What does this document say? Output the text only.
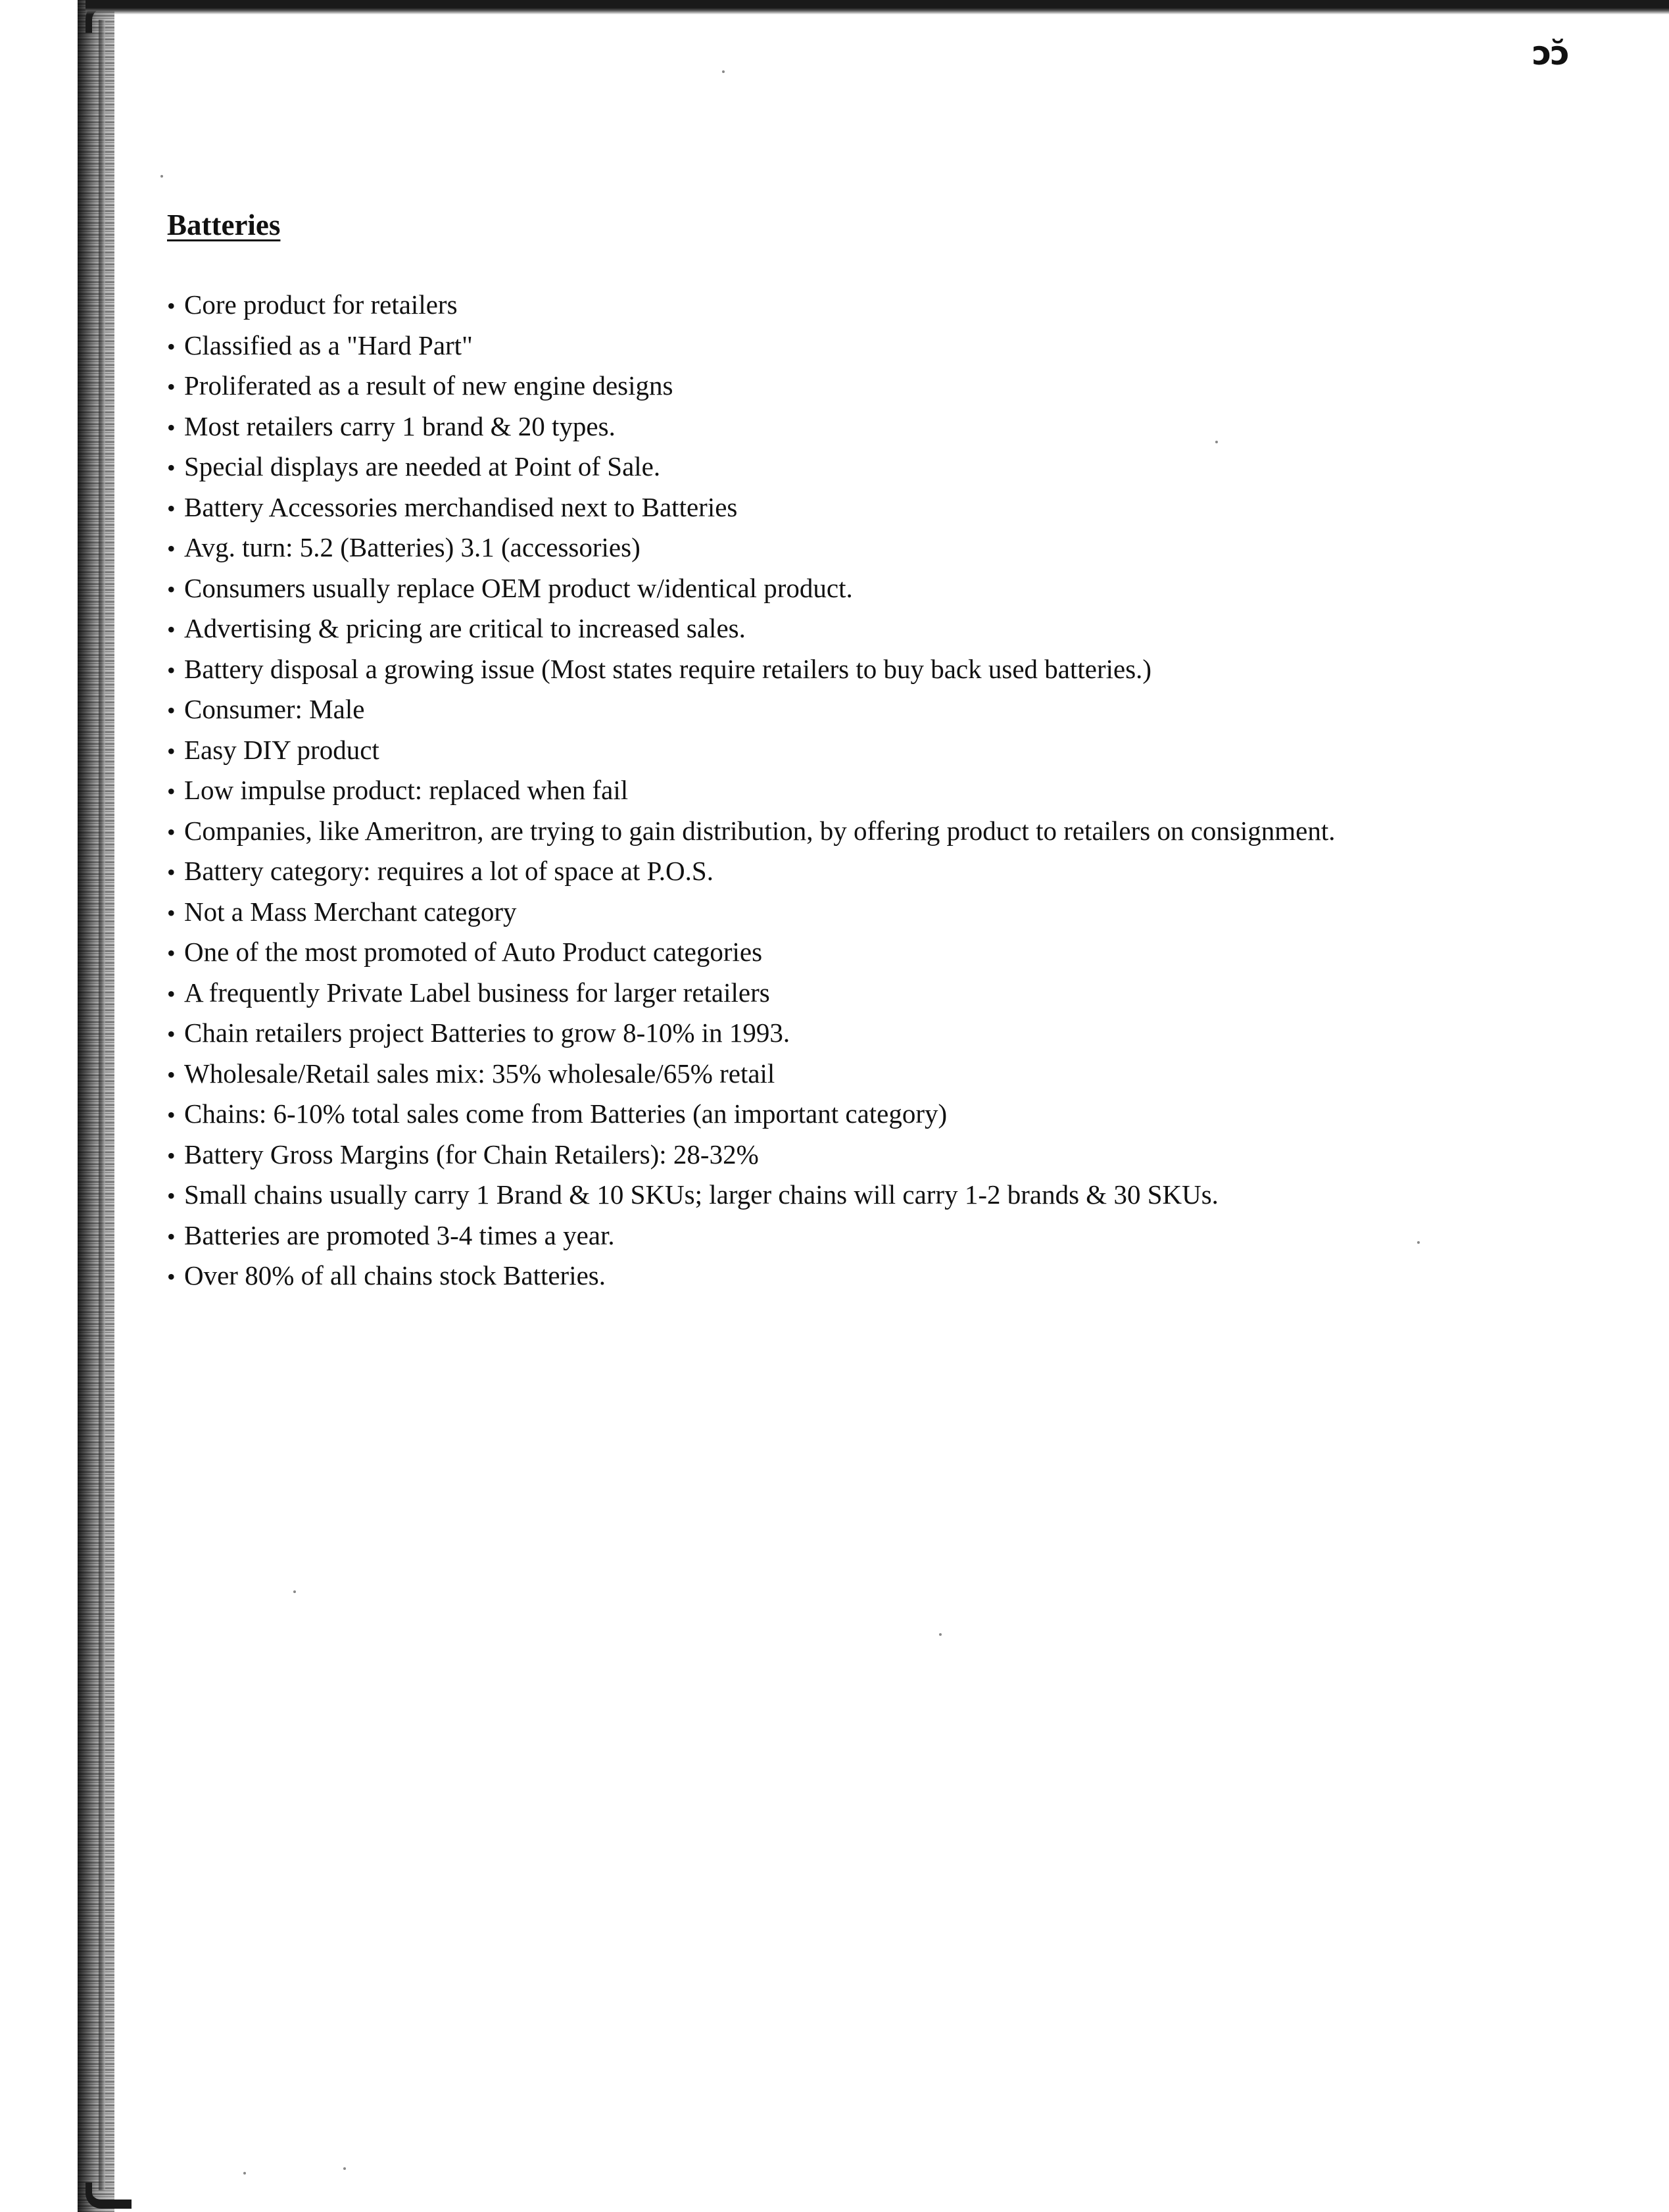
ɔɔ̆
Batteries
• Core product for retailers
• Classified as a "Hard Part"
• Proliferated as a result of new engine designs
• Most retailers carry 1 brand & 20 types.
• Special displays are needed at Point of Sale.
• Battery Accessories merchandised next to Batteries
• Avg. turn: 5.2 (Batteries) 3.1 (accessories)
• Consumers usually replace OEM product w/identical product.
• Advertising & pricing are critical to increased sales.
• Battery disposal a growing issue (Most states require retailers to buy back used batteries.)
• Consumer: Male
• Easy DIY product
• Low impulse product: replaced when fail
• Companies, like Ameritron, are trying to gain distribution, by offering product to retailers on consignment.
• Battery category: requires a lot of space at P.O.S.
• Not a Mass Merchant category
• One of the most promoted of Auto Product categories
• A frequently Private Label business for larger retailers
• Chain retailers project Batteries to grow 8-10% in 1993.
• Wholesale/Retail sales mix: 35% wholesale/65% retail
• Chains: 6-10% total sales come from Batteries (an important category)
• Battery Gross Margins (for Chain Retailers): 28-32%
• Small chains usually carry 1 Brand & 10 SKUs; larger chains will carry 1-2 brands & 30 SKUs.
• Batteries are promoted 3-4 times a year.
• Over 80% of all chains stock Batteries.
